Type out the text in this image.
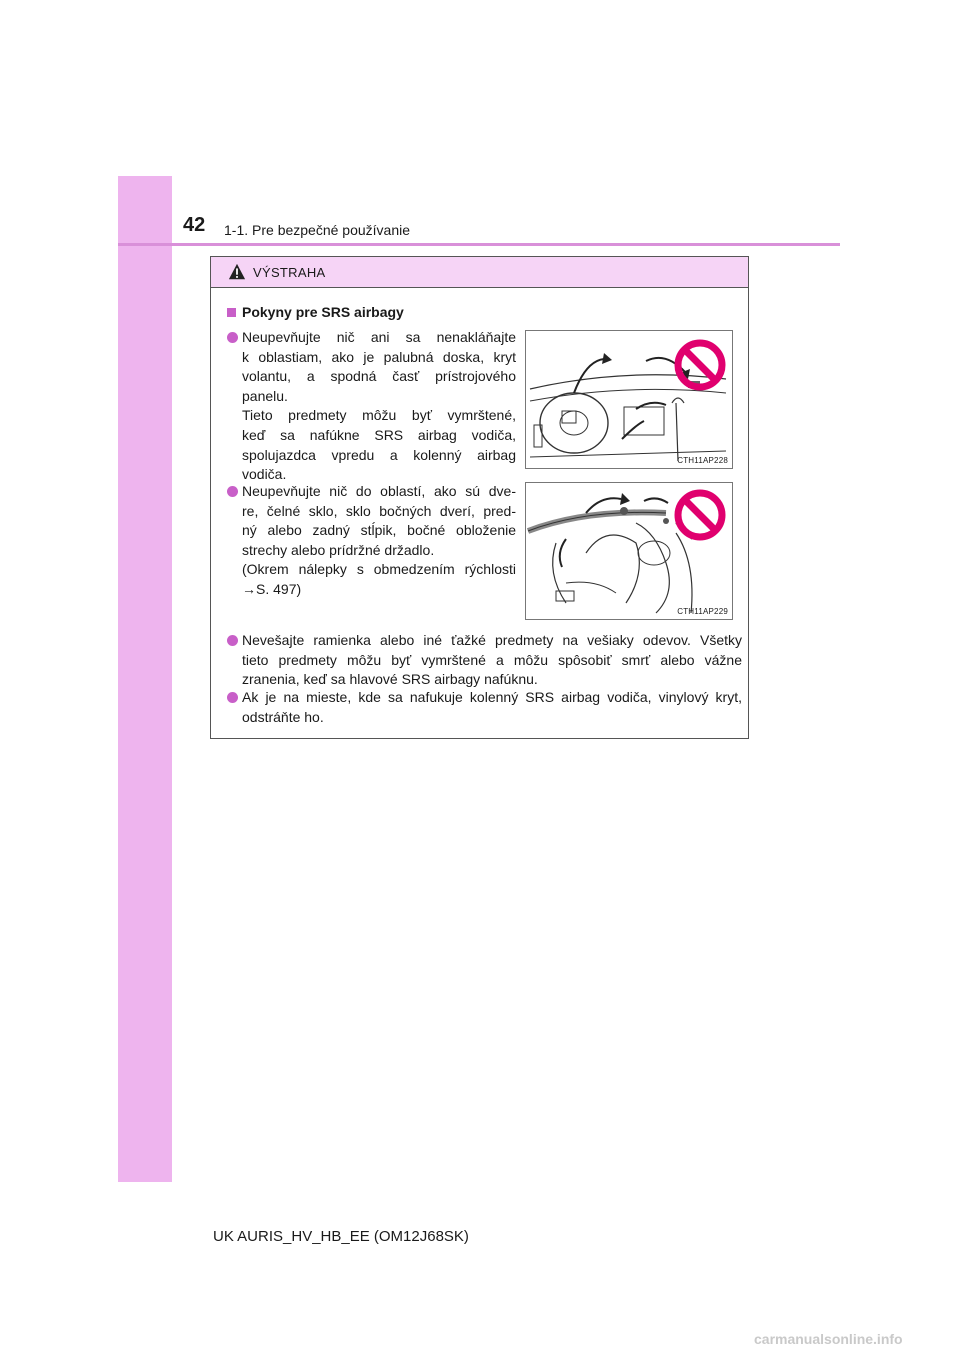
42 1-1. Pre bezpečné používanie
VÝSTRAHA
Pokyny pre SRS airbagy
Neupevňujte nič ani sa nenakláňajte
k oblastiam, ako je palubná doska, kryt
volantu, a spodná časť prístrojového
panelu.
Tieto predmety môžu byť vymrštené,
keď sa nafúkne SRS airbag vodiča,
spolujazdca vpredu a kolenný airbag
vodiča.
CTH11AP228
Neupevňujte nič do oblastí, ako sú dve-
re, čelné sklo, sklo bočných dverí, pred-
ný alebo zadný stĺpik, bočné obloženie
strechy alebo prídržné držadlo.
(Okrem nálepky s obmedzením rýchlosti
→S. 497)
CTH11AP229
Nevešajte ramienka alebo iné ťažké predmety na vešiaky odevov. Všetky
tieto predmety môžu byť vymrštené a môžu spôsobiť smrť alebo vážne
zranenia, keď sa hlavové SRS airbagy nafúknu.
Ak je na mieste, kde sa nafukuje kolenný SRS airbag vodiča, vinylový kryt,
odstráňte ho.
UK AURIS_HV_HB_EE (OM12J68SK)
carmanualsonline.info
